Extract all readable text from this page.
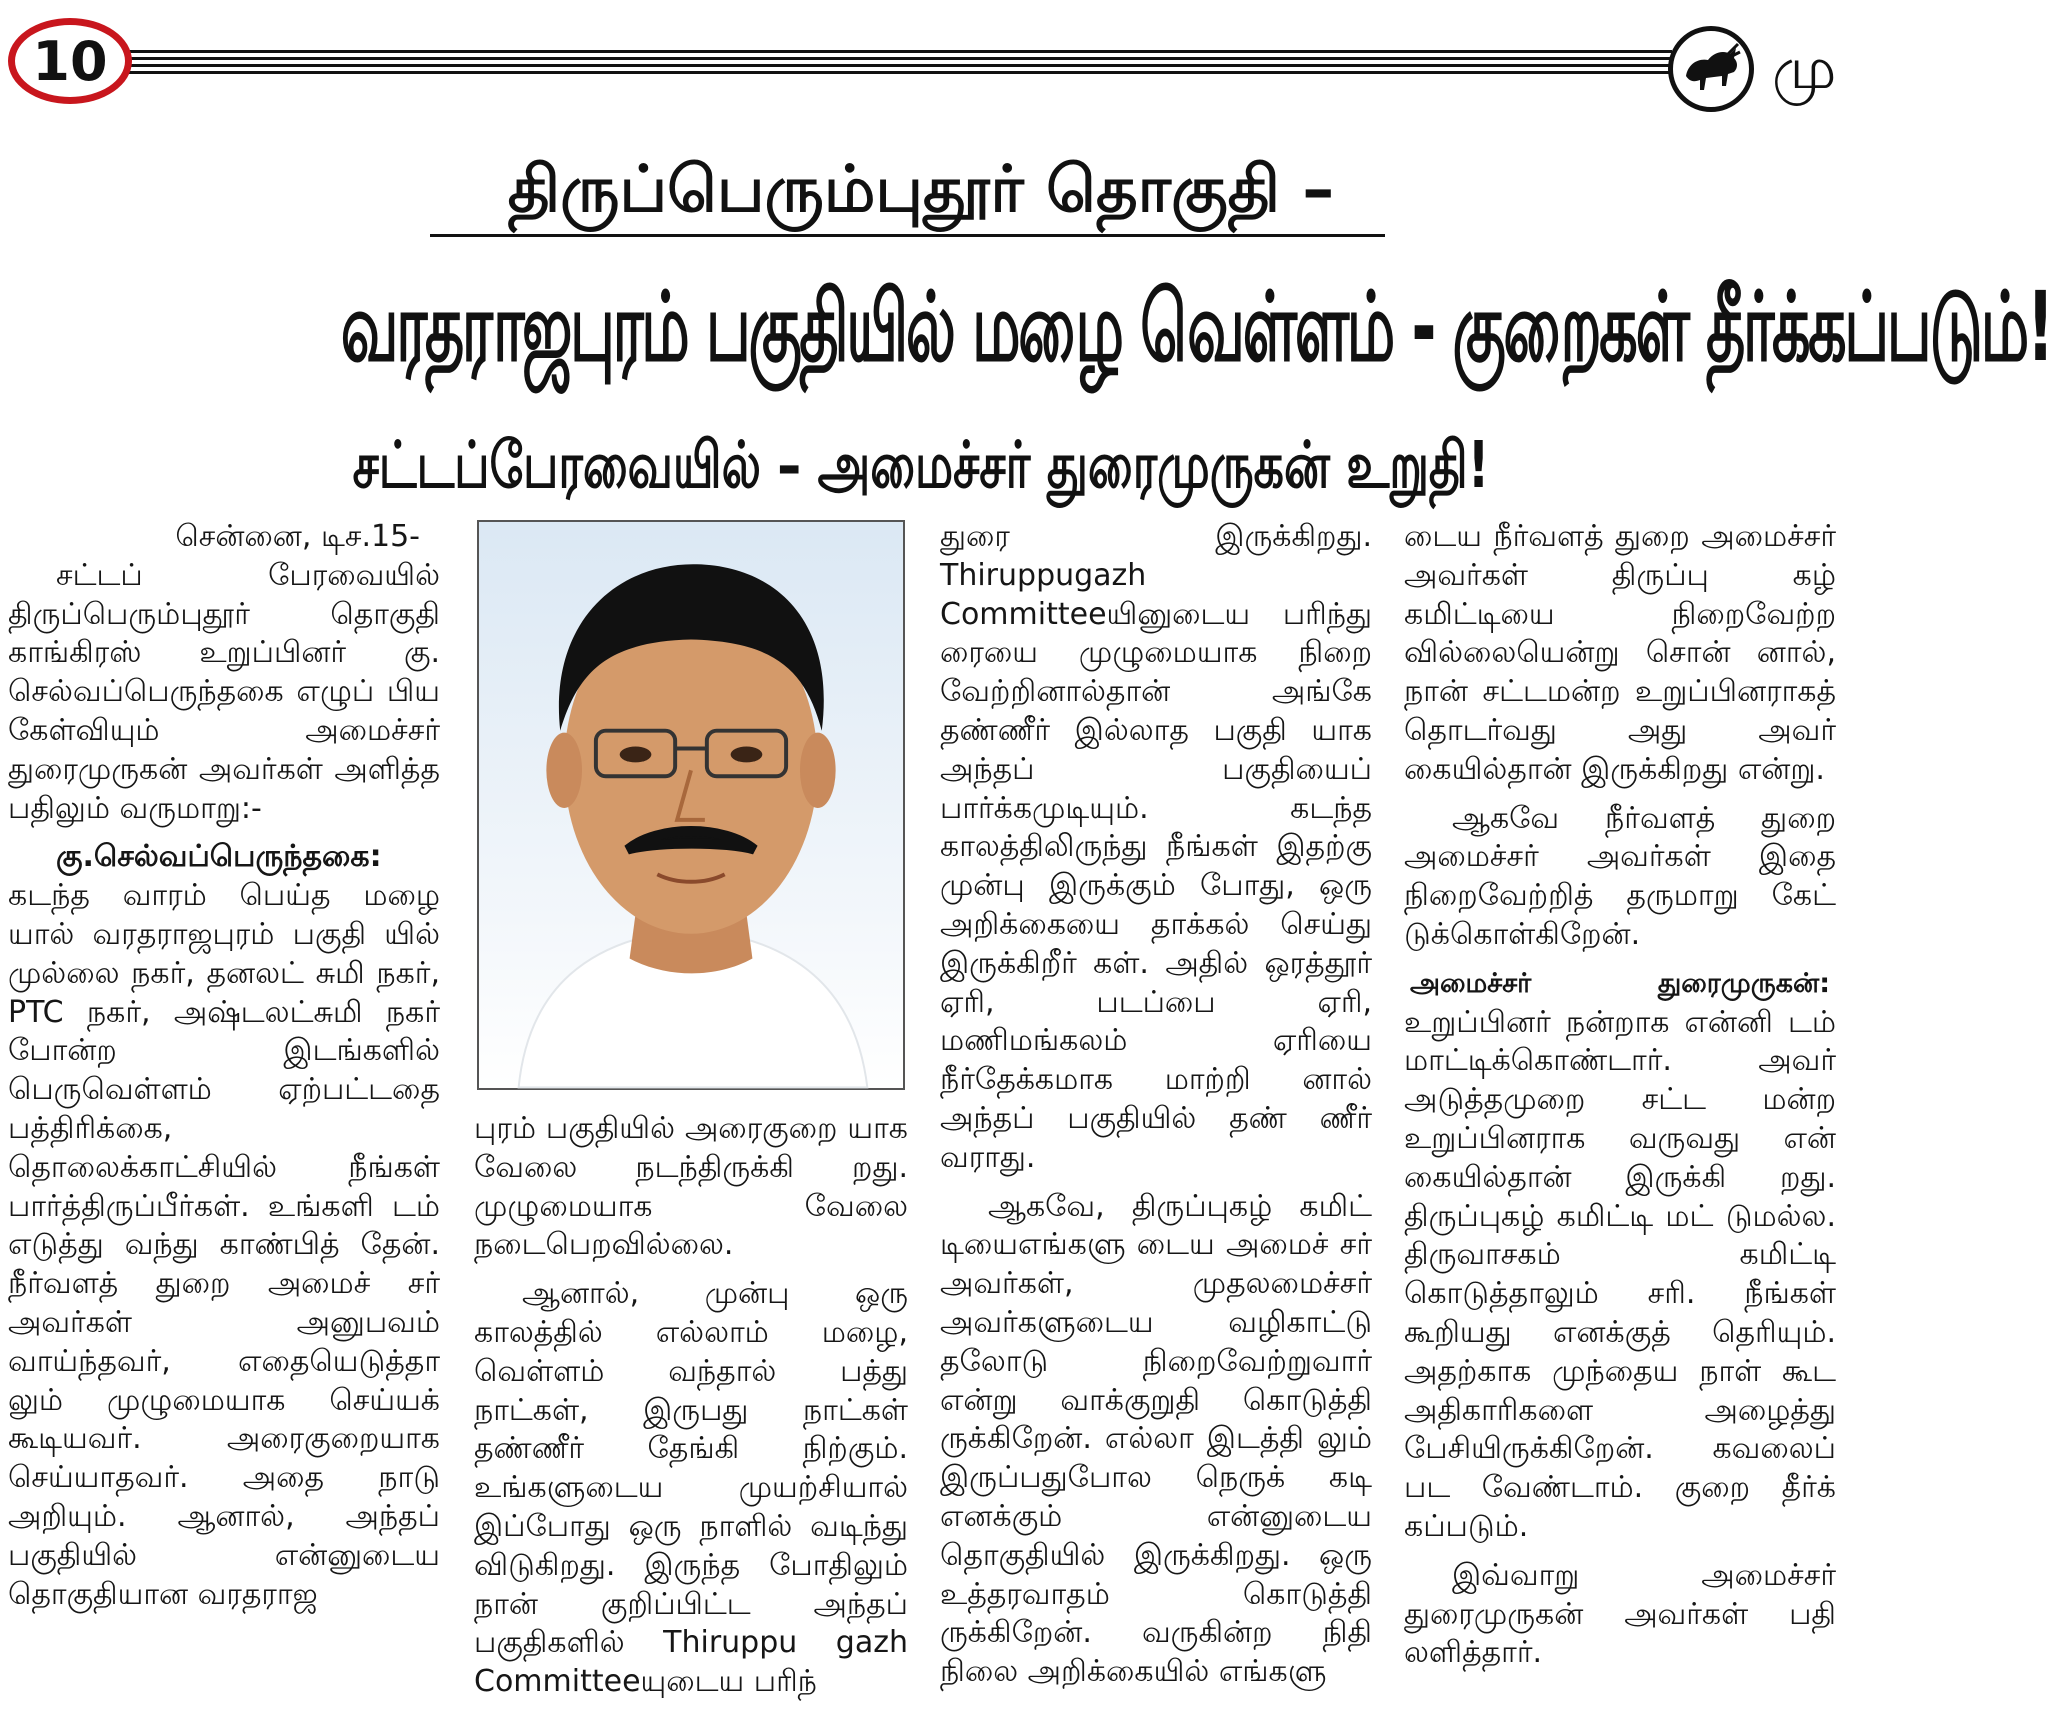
10	மு
திருப்பெரும்புதூர் தொகுதி –
வரதராஜபுரம் பகுதியில் மழை வெள்ளம் - குறைகள் தீர்க்கப்படும்!
சட்டப்பேரவையில் – அமைச்சர் துரைமுருகன் உறுதி!

சென்னை, டிச.15-

சட்டப் பேரவையில் திருப்பெரும்புதூர் தொகுதி காங்கிரஸ் உறுப்பினர் கு. செல்வப்பெருந்தகை எழுப் பிய கேள்வியும் அமைச்சர் துரைமுருகன் அவர்கள் அளித்த பதிலும் வருமாறு:-

கு.செல்வப்பெருந்தகை:

கடந்த வாரம் பெய்த மழை யால் வரதராஜபுரம் பகுதி யில் முல்லை நகர், தனலட் சுமி நகர், PTC நகர், அஷ்டலட்சுமி நகர் போன்ற இடங்களில் பெருவெள்ளம் ஏற்பட்டதை பத்திரிக்கை, தொலைக்காட்சியில் நீங்கள் பார்த்திருப்பீர்கள். உங்களி டம் எடுத்து வந்து காண்பித் தேன். நீர்வளத் துறை அமைச் சர் அவர்கள் அனுபவம் வாய்ந்தவர், எதையெடுத்தா லும் முழுமையாக செய்யக் கூடியவர். அரைகுறையாக செய்யாதவர். அதை நாடு அறியும். ஆனால், அந்தப் பகுதியில் என்னுடைய தொகுதியான வரதராஜ

புரம் பகுதியில் அரைகுறை யாக வேலை நடந்திருக்கி றது. முழுமையாக வேலை நடைபெறவில்லை.

ஆனால், முன்பு ஒரு காலத்தில் எல்லாம் மழை, வெள்ளம் வந்தால் பத்து நாட்கள், இருபது நாட்கள் தண்ணீர் தேங்கி நிற்கும். உங்களுடைய முயற்சியால் இப்போது ஒரு நாளில் வடிந்து விடுகிறது. இருந்த போதிலும் நான் குறிப்பிட்ட அந்தப் பகுதிகளில் Thiruppu gazh Committeeயுடைய பரிந்

துரை இருக்கிறது. Thiruppugazh Committeeயினுடைய பரிந்து ரையை முழுமையாக நிறை வேற்றினால்தான் அங்கே தண்ணீர் இல்லாத பகுதி யாக அந்தப் பகுதியைப் பார்க்கமுடியும். கடந்த காலத்திலிருந்து நீங்கள் இதற்கு முன்பு இருக்கும் போது, ஒரு அறிக்கையை தாக்கல் செய்து இருக்கிறீர் கள். அதில் ஒரத்தூர் ஏரி, படப்பை ஏரி, மணிமங்கலம் ஏரியை நீர்தேக்கமாக மாற்றி னால் அந்தப் பகுதியில் தண் ணீர் வராது.

ஆகவே, திருப்புகழ் கமிட் டியைஎங்களு டைய அமைச் சர் அவர்கள், முதலமைச்சர் அவர்களுடைய வழிகாட்டு தலோடு நிறைவேற்றுவார் என்று வாக்குறுதி கொடுத்தி ருக்கிறேன். எல்லா இடத்தி லும் இருப்பதுபோல நெருக் கடி எனக்கும் என்னுடைய தொகுதியில் இருக்கிறது. ஒரு உத்தரவாதம் கொடுத்தி ருக்கிறேன். வருகின்ற நிதி நிலை அறிக்கையில் எங்களு

டைய நீர்வளத் துறை அமைச்சர் அவர்கள் திருப்பு கழ் கமிட்டியை நிறைவேற்ற வில்லையென்று சொன் னால், நான் சட்டமன்ற உறுப்பினராகத் தொடர்வது அது அவர் கையில்தான் இருக்கிறது என்று.

ஆகவே நீர்வளத் துறை அமைச்சர் அவர்கள் இதை நிறைவேற்றித் தருமாறு கேட் டுக்கொள்கிறேன்.

அமைச்சர்	துரைமுருகன்:

உறுப்பினர் நன்றாக என்னி டம் மாட்டிக்கொண்டார். அவர் அடுத்தமுறை சட்ட மன்ற உறுப்பினராக வருவது என் கையில்தான் இருக்கி றது. திருப்புகழ் கமிட்டி மட் டுமல்ல. திருவாசகம் கமிட்டி கொடுத்தாலும் சரி. நீங்கள் கூறியது எனக்குத் தெரியும். அதற்காக முந்தைய நாள் கூட அதிகாரிகளை அழைத்து பேசியிருக்கிறேன். கவலைப் பட வேண்டாம். குறை தீர்க் கப்படும்.

இவ்வாறு அமைச்சர் துரைமுருகன் அவர்கள் பதி லளித்தார்.
